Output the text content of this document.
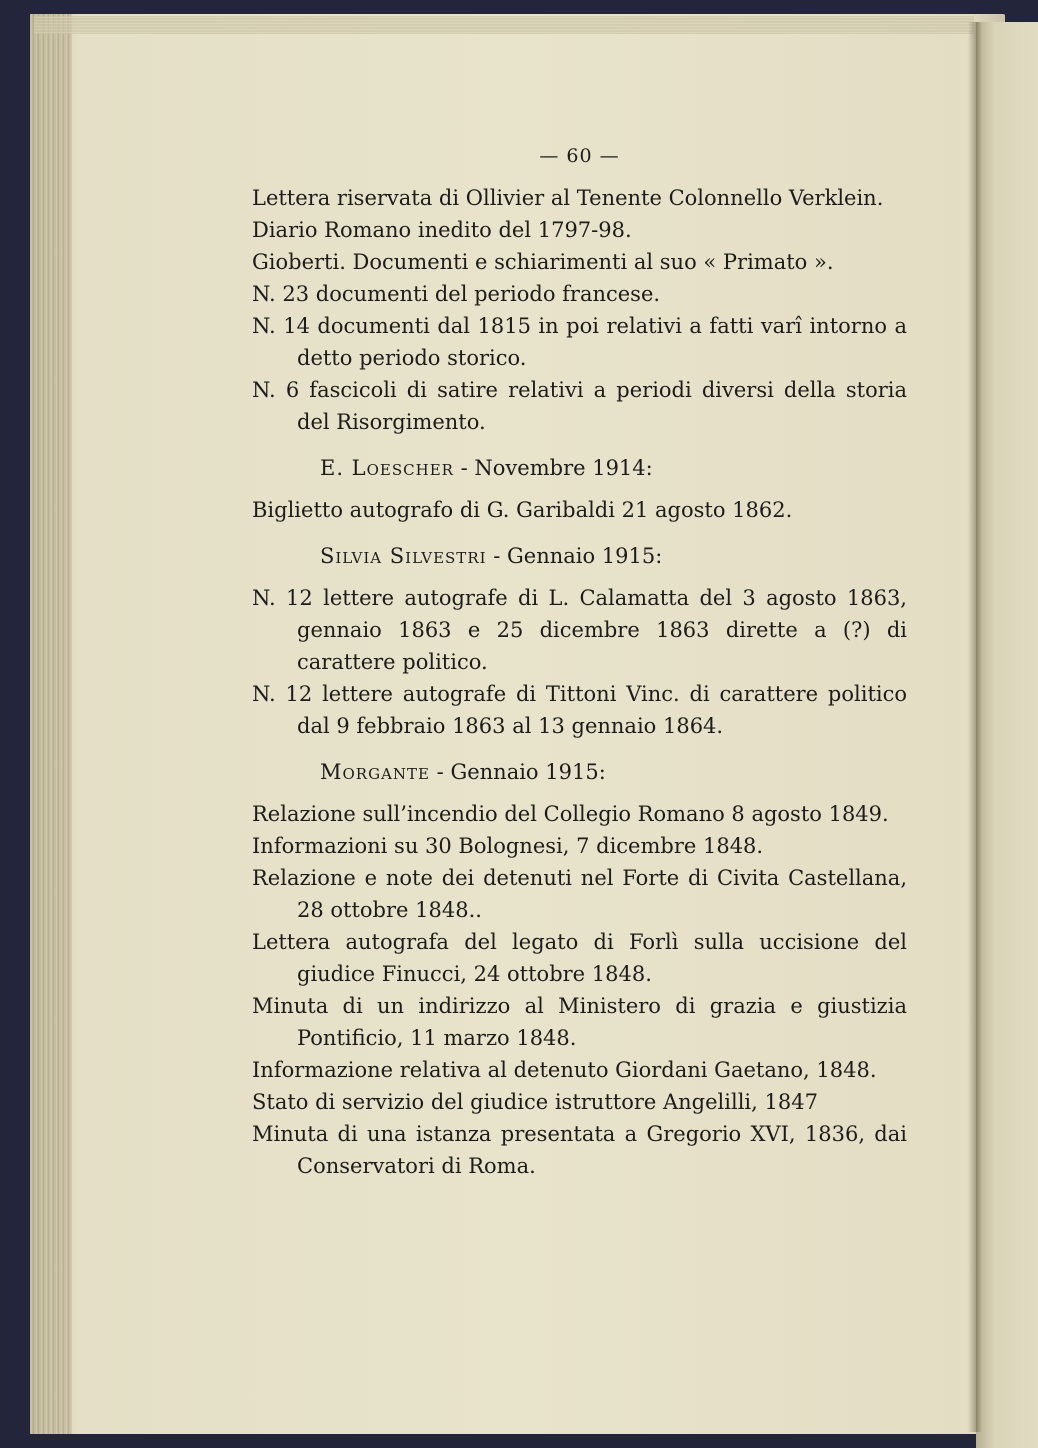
— 60 —

Lettera riservata di Ollivier al Tenente Colonnello Verklein.

Diario Romano inedito del 1797-98.

Gioberti. Documenti e schiarimenti al suo « Primato ».

N. 23 documenti del periodo francese.

N. 14 documenti dal 1815 in poi relativi a fatti varî intorno a detto periodo storico.

N. 6 fascicoli di satire relativi a periodi diversi della storia del Risorgimento.

E. Loescher - Novembre 1914:

Biglietto autografo di G. Garibaldi 21 agosto 1862.

Silvia Silvestri - Gennaio 1915:

N. 12 lettere autografe di L. Calamatta del 3 agosto 1863, gennaio 1863 e 25 dicembre 1863 dirette a (?) di carattere politico.

N. 12 lettere autografe di Tittoni Vinc. di carattere politico dal 9 febbraio 1863 al 13 gennaio 1864.

Morgante - Gennaio 1915:

Relazione sull’incendio del Collegio Romano 8 agosto 1849.

Informazioni su 30 Bolognesi, 7 dicembre 1848.

Relazione e note dei detenuti nel Forte di Civita Castellana, 28 ottobre 1848..

Lettera autografa del legato di Forlì sulla uccisione del giudice Finucci, 24 ottobre 1848.

Minuta di un indirizzo al Ministero di grazia e giustizia Pontificio, 11 marzo 1848.

Informazione relativa al detenuto Giordani Gaetano, 1848.

Stato di servizio del giudice istruttore Angelilli, 1847

Minuta di una istanza presentata a Gregorio XVI, 1836, dai Conservatori di Roma.
